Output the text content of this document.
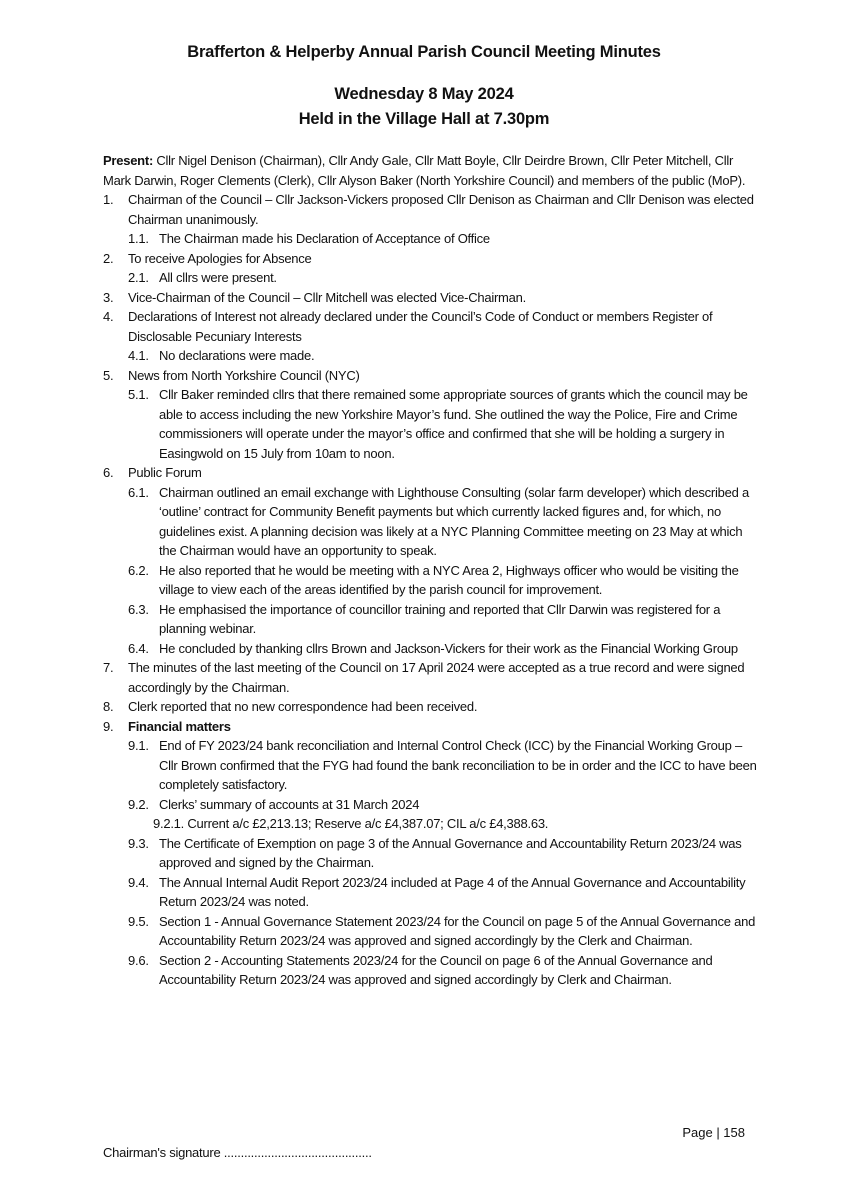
Brafferton & Helperby Annual Parish Council Meeting Minutes
Wednesday 8 May 2024
Held in the Village Hall at 7.30pm
Present: Cllr Nigel Denison (Chairman), Cllr Andy Gale, Cllr Matt Boyle, Cllr Deirdre Brown, Cllr Peter Mitchell, Cllr Mark Darwin, Roger Clements (Clerk), Cllr Alyson Baker (North Yorkshire Council) and members of the public (MoP).
1. Chairman of the Council – Cllr Jackson-Vickers proposed Cllr Denison as Chairman and Cllr Denison was elected Chairman unanimously.
1.1. The Chairman made his Declaration of Acceptance of Office
2. To receive Apologies for Absence
2.1. All cllrs were present.
3. Vice-Chairman of the Council – Cllr Mitchell was elected Vice-Chairman.
4. Declarations of Interest not already declared under the Council’s Code of Conduct or members Register of Disclosable Pecuniary Interests
4.1. No declarations were made.
5. News from North Yorkshire Council (NYC)
5.1. Cllr Baker reminded cllrs that there remained some appropriate sources of grants which the council may be able to access including the new Yorkshire Mayor’s fund. She outlined the way the Police, Fire and Crime commissioners will operate under the mayor’s office and confirmed that she will be holding a surgery in Easingwold on 15 July from 10am to noon.
6. Public Forum
6.1. Chairman outlined an email exchange with Lighthouse Consulting (solar farm developer) which described a ‘outline’ contract for Community Benefit payments but which currently lacked figures and, for which, no guidelines exist. A planning decision was likely at a NYC Planning Committee meeting on 23 May at which the Chairman would have an opportunity to speak.
6.2. He also reported that he would be meeting with a NYC Area 2, Highways officer who would be visiting the village to view each of the areas identified by the parish council for improvement.
6.3. He emphasised the importance of councillor training and reported that Cllr Darwin was registered for a planning webinar.
6.4. He concluded by thanking cllrs Brown and Jackson-Vickers for their work as the Financial Working Group
7. The minutes of the last meeting of the Council on 17 April 2024 were accepted as a true record and were signed accordingly by the Chairman.
8. Clerk reported that no new correspondence had been received.
9. Financial matters
9.1. End of FY 2023/24 bank reconciliation and Internal Control Check (ICC) by the Financial Working Group – Cllr Brown confirmed that the FYG had found the bank reconciliation to be in order and the ICC to have been completely satisfactory.
9.2. Clerks’ summary of accounts at 31 March 2024
9.2.1. Current a/c £2,213.13; Reserve a/c £4,387.07; CIL a/c £4,388.63.
9.3. The Certificate of Exemption on page 3 of the Annual Governance and Accountability Return 2023/24 was approved and signed by the Chairman.
9.4. The Annual Internal Audit Report 2023/24 included at Page 4 of the Annual Governance and Accountability Return 2023/24 was noted.
9.5. Section 1 - Annual Governance Statement 2023/24 for the Council on page 5 of the Annual Governance and Accountability Return 2023/24 was approved and signed accordingly by the Clerk and Chairman.
9.6. Section 2 - Accounting Statements 2023/24 for the Council on page 6 of the Annual Governance and Accountability Return 2023/24 was approved and signed accordingly by Clerk and Chairman.
Page | 158
Chairman's signature ............................................
